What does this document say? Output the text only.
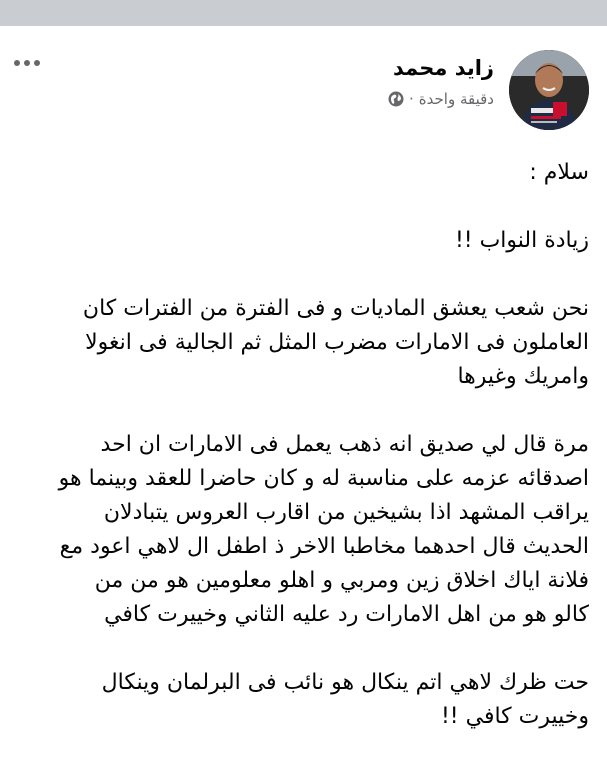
زايد محمد
دقيقة واحدة
·

سلام :

زيادة النواب !!

نحن شعب يعشق الماديات و فى الفترة من الفترات كان
العاملون فى الامارات مضرب المثل ثم الجالية فى انغولا
وامريك وغيرها

مرة قال لي صديق انه ذهب يعمل فى الامارات ان احد
اصدقائه عزمه على مناسبة له و كان حاضرا للعقد وبينما هو
يراقب المشهد اذا بشيخين من اقارب العروس يتبادلان
الحديث قال احدهما مخاطبا الاخر ذ اطفل ال لاهي اعود مع
فلانة اياك اخلاق زين ومربي و اهلو معلومين هو من من
كالو هو من اهل الامارات رد عليه الثاني وخييرت كافي

حت ظرك لاهي اتم ينكال هو نائب فى البرلمان وينكال
وخييرت كافي !!
